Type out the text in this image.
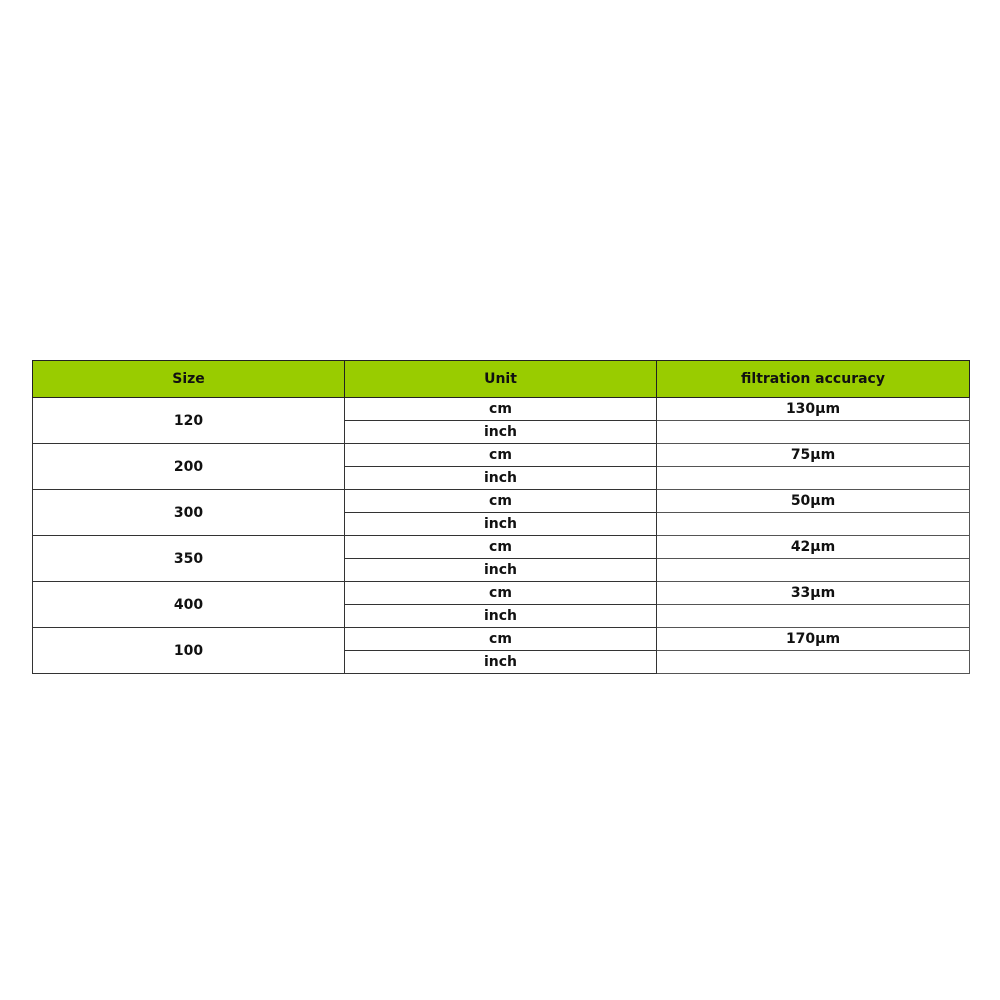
Size	Unit	filtration accuracy
120	cm	130μm
	inch	
200	cm	75μm
	inch	
300	cm	50μm
	inch	
350	cm	42μm
	inch	
400	cm	33μm
	inch	
100	cm	170μm
	inch	
